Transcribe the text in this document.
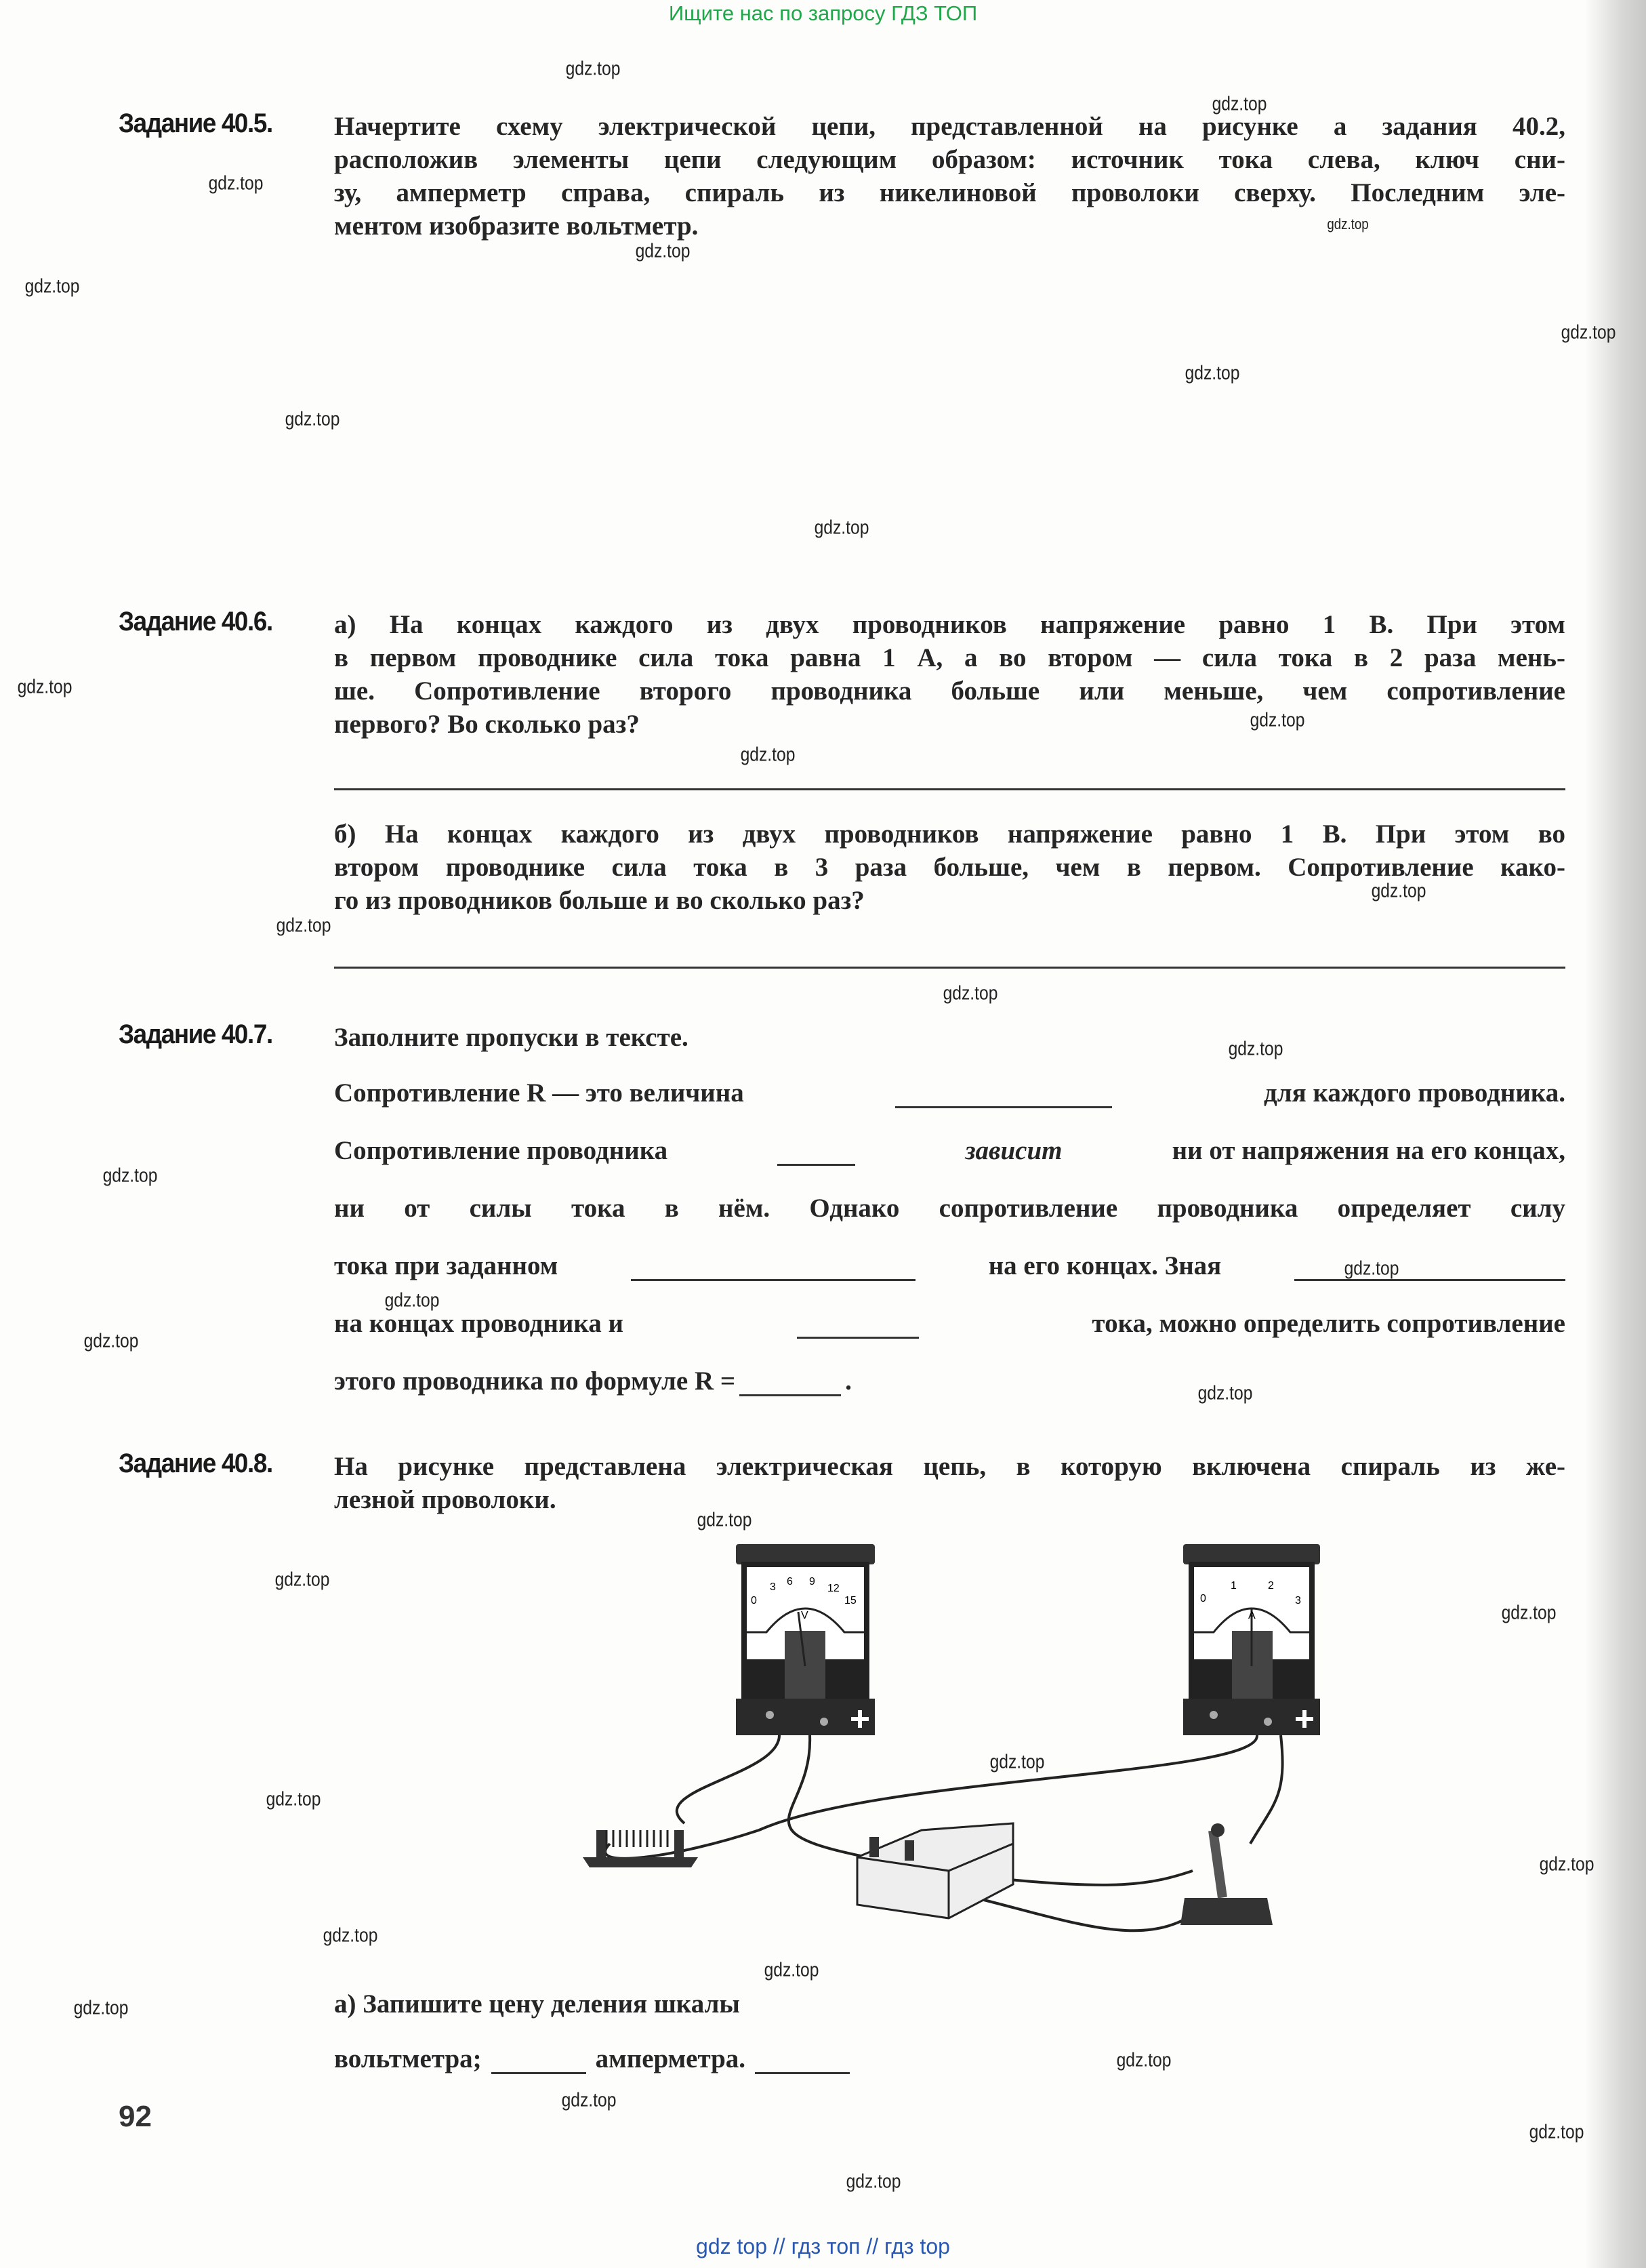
Ищите нас по запросу ГДЗ ТОП
Задание 40.5. Начертите схему электрической цепи, представленной на рисунке а задания 40.2,
расположив элементы цепи следующим образом: источник тока слева, ключ сни-
зу, амперметр справа, спираль из никелиновой проволоки сверху. Последним эле-
ментом изобразите вольтметр.
Задание 40.6. а) На концах каждого из двух проводников напряжение равно 1 В. При этом
в первом проводнике сила тока равна 1 А, а во втором — сила тока в 2 раза мень-
ше. Сопротивление второго проводника больше или меньше, чем сопротивление
первого? Во сколько раз?
б) На концах каждого из двух проводников напряжение равно 1 В. При этом во
втором проводнике сила тока в 3 раза больше, чем в первом. Сопротивление како-
го из проводников больше и во сколько раз?
Задание 40.7. Заполните пропуски в тексте.
Сопротивление R — это величина	для каждого проводника.
Сопротивление проводника	зависит	ни от напряжения на его концах,
ни от силы тока в нём. Однако сопротивление проводника определяет силу
тока при заданном	на его концах. Зная
на концах проводника и	тока, можно определить сопротивление
этого проводника по формуле R =	.
Задание 40.8. На рисунке представлена электрическая цепь, в которую включена спираль из же-
лезной проволоки.
0
3 6 9
12
15
V
0
1	2
3
A
а) Запишите цену деления шкалы
вольтметра;	амперметра.
92
gdz top // гдз топ // гдз top
gdz.top
gdz.top
gdz.top
gdz.top
gdz.top
gdz.top
gdz.top
gdz.top
gdz.top
gdz.top
gdz.top
gdz.top
gdz.top
gdz.top
gdz.top
gdz.top
gdz.top
gdz.top
gdz.top
gdz.top
gdz.top
gdz.top
gdz.top
gdz.top
gdz.top
gdz.top
gdz.top
gdz.top
gdz.top
gdz.top
gdz.top
gdz.top
gdz.top
gdz.top
gdz.top
